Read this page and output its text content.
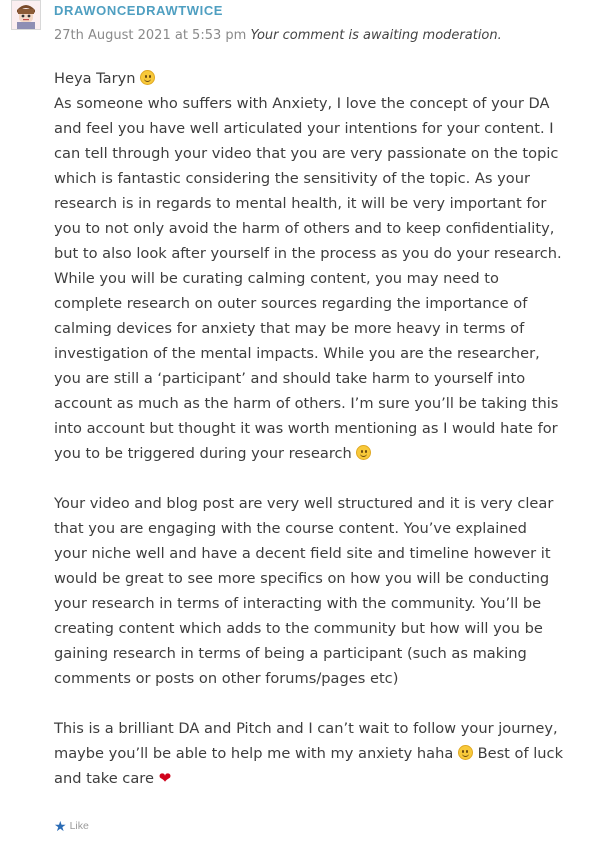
DRAWONCEDRAWTWICE
27th August 2021 at 5:53 pm Your comment is awaiting moderation.

Heya Taryn

As someone who suffers with Anxiety, I love the concept of your DA and feel you have well articulated your intentions for your content. I can tell through your video that you are very passionate on the topic which is fantastic considering the sensitivity of the topic. As your research is in regards to mental health, it will be very important for you to not only avoid the harm of others and to keep confidentiality, but to also look after yourself in the process as you do your research. While you will be curating calming content, you may need to complete research on outer sources regarding the importance of calming devices for anxiety that may be more heavy in terms of investigation of the mental impacts. While you are the researcher, you are still a ‘participant’ and should take harm to yourself into account as much as the harm of others. I’m sure you’ll be taking this into account but thought it was worth mentioning as I would hate for you to be triggered during your research

Your video and blog post are very well structured and it is very clear that you are engaging with the course content. You’ve explained your niche well and have a decent field site and timeline however it would be great to see more specifics on how you will be conducting your research in terms of interacting with the community. You’ll be creating content which adds to the community but how will you be gaining research in terms of being a participant (such as making comments or posts on other forums/pages etc)

This is a brilliant DA and Pitch and I can’t wait to follow your journey, maybe you’ll be able to help me with my anxiety haha Best of luck and take care ❤

★ Like
